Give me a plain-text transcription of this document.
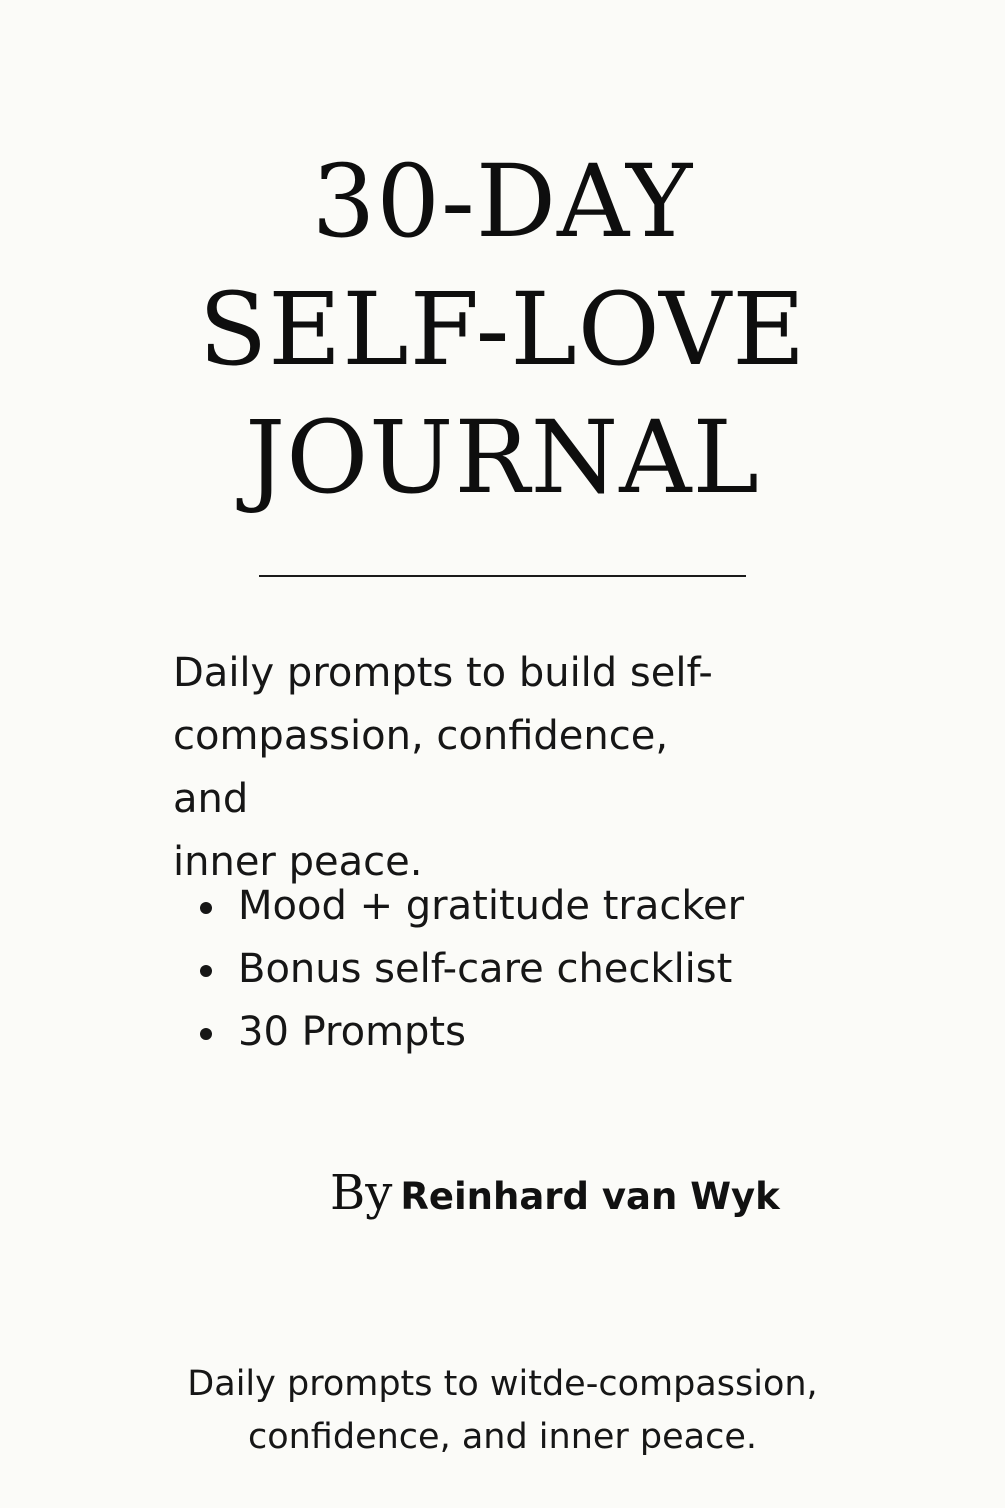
30-DAY
SELF-LOVE
JOURNAL

Daily prompts to build self-
compassion, confidence, and
inner peace.

Mood + gratitude tracker
Bonus self-care checklist
30 Prompts
By Reinhard van Wyk

Daily prompts to witde-compassion,
confidence, and inner peace.
